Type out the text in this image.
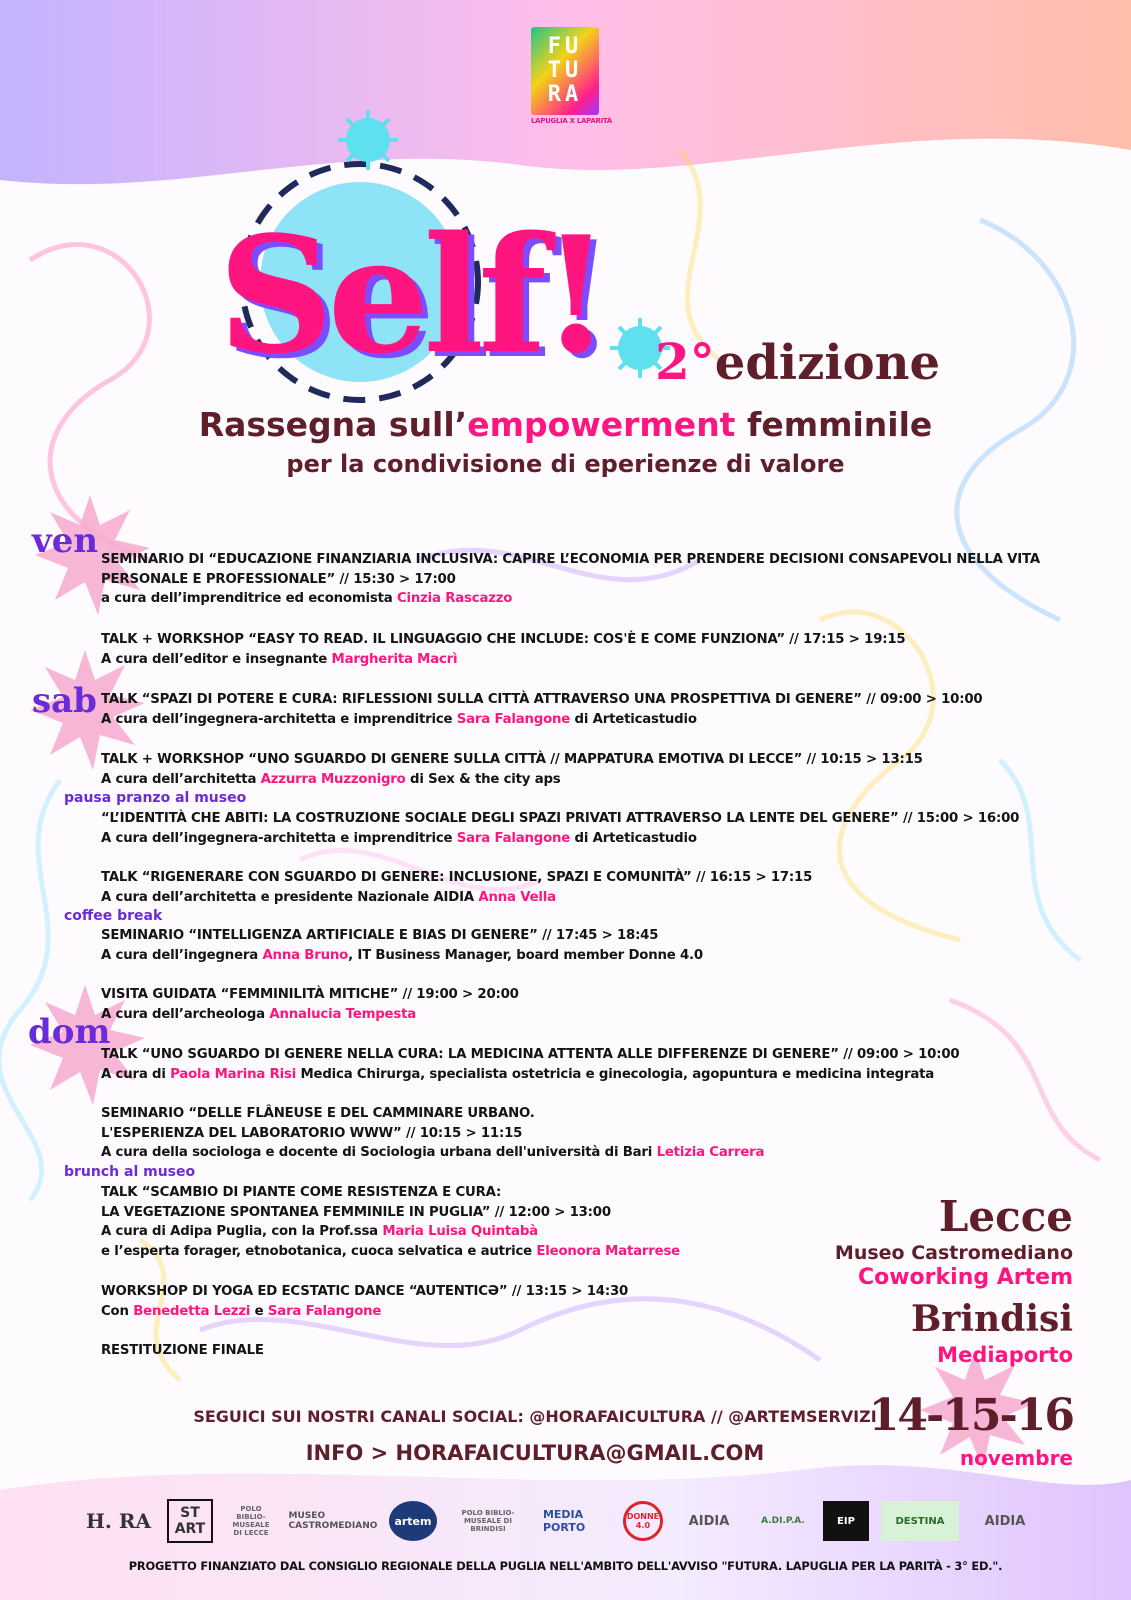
FU
TU
RA
LAPUGLIA X LAPARITÀ
Self! 2°edizione
Rassegna sull’empowerment femminile
per la condivisione di eperienze di valore
ven
sab
dom
SEMINARIO DI “EDUCAZIONE FINANZIARIA INCLUSIVA: CAPIRE L’ECONOMIA PER PRENDERE DECISIONI CONSAPEVOLI NELLA VITA PERSONALE E PROFESSIONALE” // 15:30 > 17:00
a cura dell’imprenditrice ed economista Cinzia Rascazzo
TALK + WORKSHOP “EASY TO READ. IL LINGUAGGIO CHE INCLUDE: COS'È E COME FUNZIONA” // 17:15 > 19:15
A cura dell’editor e insegnante Margherita Macrì
TALK “SPAZI DI POTERE E CURA: RIFLESSIONI SULLA CITTÀ ATTRAVERSO UNA PROSPETTIVA DI GENERE” // 09:00 > 10:00
A cura dell’ingegnera-architetta e imprenditrice Sara Falangone di Arteticastudio
TALK + WORKSHOP “UNO SGUARDO DI GENERE SULLA CITTÀ // MAPPATURA EMOTIVA DI LECCE” // 10:15 > 13:15
A cura dell’architetta Azzurra Muzzonigro di Sex & the city aps
pausa pranzo al museo
“L’IDENTITÀ CHE ABITI: LA COSTRUZIONE SOCIALE DEGLI SPAZI PRIVATI ATTRAVERSO LA LENTE DEL GENERE” // 15:00 > 16:00
A cura dell’ingegnera-architetta e imprenditrice Sara Falangone di Arteticastudio
TALK “RIGENERARE CON SGUARDO DI GENERE: INCLUSIONE, SPAZI E COMUNITÀ” // 16:15 > 17:15
A cura dell’architetta e presidente Nazionale AIDIA Anna Vella
coffee break
SEMINARIO “INTELLIGENZA ARTIFICIALE E BIAS DI GENERE” // 17:45 > 18:45
A cura dell’ingegnera Anna Bruno, IT Business Manager, board member Donne 4.0
VISITA GUIDATA “FEMMINILITÀ MITICHE” // 19:00 > 20:00
A cura dell’archeologa Annalucia Tempesta
TALK “UNO SGUARDO DI GENERE NELLA CURA: LA MEDICINA ATTENTA ALLE DIFFERENZE DI GENERE” // 09:00 > 10:00
A cura di Paola Marina Risi Medica Chirurga, specialista ostetricia e ginecologia, agopuntura e medicina integrata
SEMINARIO “DELLE FLÂNEUSE E DEL CAMMINARE URBANO.
L'ESPERIENZA DEL LABORATORIO WWW” // 10:15 > 11:15
A cura della sociologa e docente di Sociologia urbana dell'università di Bari Letizia Carrera
brunch al museo
TALK “SCAMBIO DI PIANTE COME RESISTENZA E CURA:
LA VEGETAZIONE SPONTANEA FEMMINILE IN PUGLIA” // 12:00 > 13:00
A cura di Adipa Puglia, con la Prof.ssa Maria Luisa Quintabà
e l’esperta forager, etnobotanica, cuoca selvatica e autrice Eleonora Matarrese
WORKSHOP DI YOGA ED ECSTATIC DANCE “AUTENTICƏ” // 13:15 > 14:30
Con Benedetta Lezzi e Sara Falangone
RESTITUZIONE FINALE
Lecce
Museo Castromediano
Coworking Artem
Brindisi
Mediaporto
14-15-16
novembre
SEGUICI SUI NOSTRI CANALI SOCIAL: @HORAFAICULTURA // @ARTEMSERVIZI
INFO > HORAFAICULTURA@GMAIL.COM
H. RA	ST ART
POLO BIBLIO-MUSEALE DI LECCE
MUSEO CASTROMEDIANO	artem
POLO BIBLIO-MUSEALE DI BRINDISI
MEDIA PORTO
DONNE 4.0	AIDIA	A.DI.P.A.	EIP	DESTINA	AIDIA
PROGETTO FINANZIATO DAL CONSIGLIO REGIONALE DELLA PUGLIA NELL'AMBITO DELL'AVVISO "FUTURA. LAPUGLIA PER LA PARITÀ - 3° ED.".
